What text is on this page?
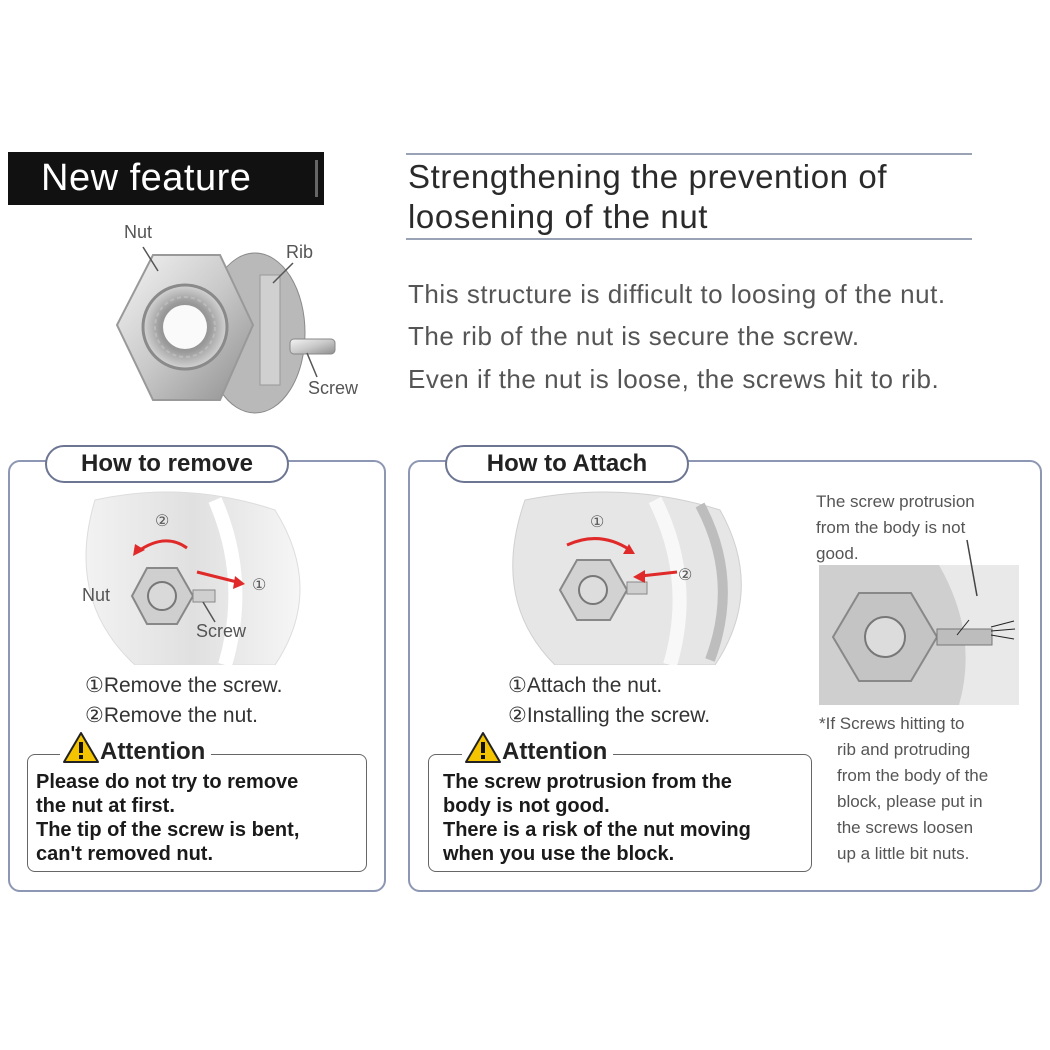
New feature
Nut
Rib
Screw
Strengthening the prevention of
loosening of the nut
This structure is difficult to loosing of the nut.
The rib of the nut is secure the screw.
Even if the nut is loose, the screws hit to rib.
How to remove
②
①
Nut
Screw
①Remove the screw.
②Remove the nut.
Attention
Please do not try to remove
the nut at first.
The tip of the screw is bent,
can't removed nut.
How to Attach
①
②
①Attach the nut.
②Installing the screw.
Attention
The screw protrusion from the
body is not good.
There is a risk of the nut moving
when you use the block.
The screw protrusion
from the body is not
good.
*If Screws hitting to
rib and protruding
from the body of the
block, please put in
the screws loosen
up a little bit nuts.
